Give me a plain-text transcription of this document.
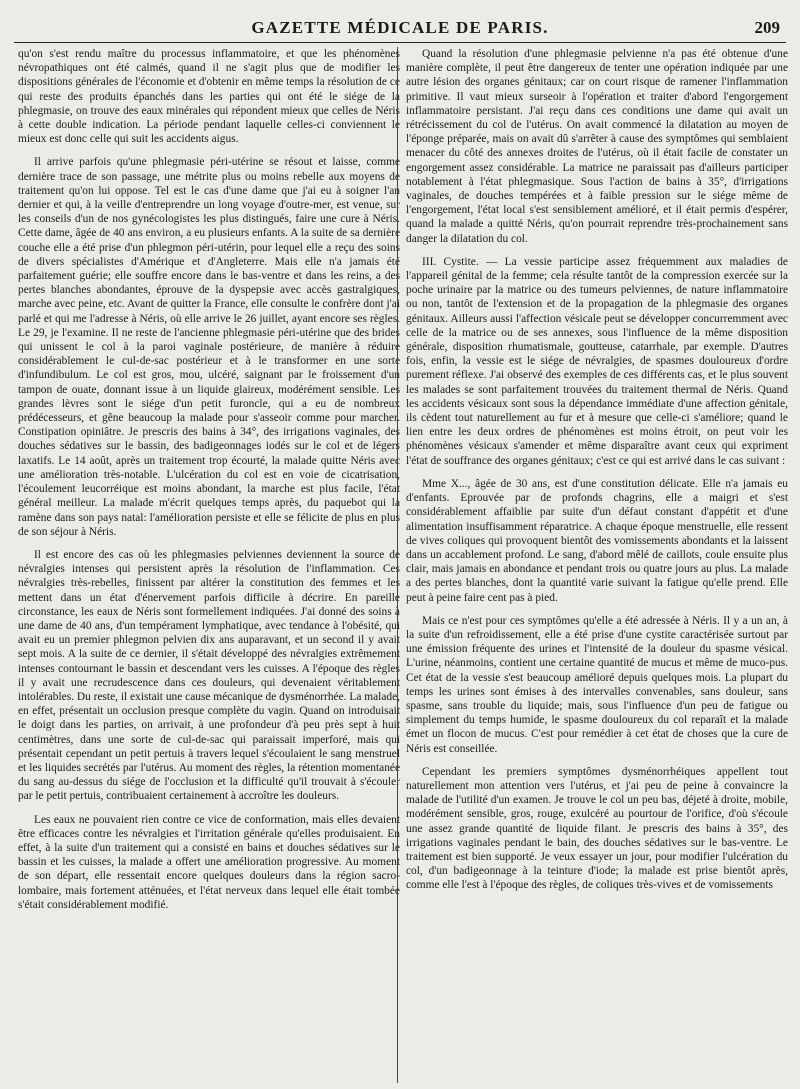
GAZETTE MÉDICALE DE PARIS.	209

qu'on s'est rendu maître du processus inflammatoire, et que les phénomènes névropathiques ont été calmés, quand il ne s'agit plus que de modifier les dispositions générales de l'économie et d'obtenir en même temps la résolution de ce qui reste des produits épanchés dans les parties qui ont été le siége de la phlegmasie, on trouve des eaux minérales qui répondent mieux que celles de Néris à cette double indication. La période pendant laquelle celles-ci conviennent le mieux est donc celle qui suit les accidents aigus.

Il arrive parfois qu'une phlegmasie péri-utérine se résout et laisse, comme dernière trace de son passage, une métrite plus ou moins rebelle aux moyens de traitement qu'on lui oppose. Tel est le cas d'une dame que j'ai eu à soigner l'an dernier et qui, à la veille d'entreprendre un long voyage d'outre-mer, est venue, sur les conseils d'un de nos gynécologistes les plus distingués, faire une cure à Néris. Cette dame, âgée de 40 ans environ, a eu plusieurs enfants. A la suite de sa dernière couche elle a été prise d'un phlegmon péri-utérin, pour lequel elle a reçu des soins de divers spécialistes d'Amérique et d'Angleterre. Mais elle n'a jamais été parfaitement guérie; elle souffre encore dans le bas-ventre et dans les reins, a des pertes blanches abondantes, éprouve de la dyspepsie avec accès gastralgiques, marche avec peine, etc. Avant de quitter la France, elle consulte le confrère dont j'ai parlé et qui me l'adresse à Néris, où elle arrive le 26 juillet, ayant encore ses règles. Le 29, je l'examine. Il ne reste de l'ancienne phlegmasie péri-utérine que des brides qui unissent le col à la paroi vaginale postérieure, de manière à réduire considérablement le cul-de-sac postérieur et à le transformer en une sorte d'infundibulum. Le col est gros, mou, ulcéré, saignant par le froissement d'un tampon de ouate, donnant issue à un liquide glaireux, modérément sensible. Les grandes lèvres sont le siége d'un petit furoncle, qui a eu de nombreux prédécesseurs, et gêne beaucoup la malade pour s'asseoir comme pour marcher. Constipation opiniâtre. Je prescris des bains à 34°, des irrigations vaginales, des douches sédatives sur le bassin, des badigeonnages iodés sur le col et de légers laxatifs. Le 14 août, après un traitement trop écourté, la malade quitte Néris avec une amélioration très-notable. L'ulcération du col est en voie de cicatrisation, l'écoulement leucorréique est moins abondant, la marche est plus facile, l'état général meilleur. La malade m'écrit quelques temps après, du paquebot qui la ramène dans son pays natal: l'amélioration persiste et elle se félicite de plus en plus de son séjour à Néris.

Il est encore des cas où les phlegmasies pelviennes deviennent la source de névralgies intenses qui persistent après la résolution de l'inflammation. Ces névralgies très-rebelles, finissent par altérer la constitution des femmes et les mettent dans un état d'énervement parfois difficile à décrire. En pareille circonstance, les eaux de Néris sont formellement indiquées. J'ai donné des soins à une dame de 40 ans, d'un tempérament lymphatique, avec tendance à l'obésité, qui avait eu un premier phlegmon pelvien dix ans auparavant, et un second il y avait sept mois. A la suite de ce dernier, il s'était développé des névralgies extrêmement intenses contournant le bassin et descendant vers les cuisses. A l'époque des règles il y avait une recrudescence dans ces douleurs, qui devenaient véritablement intolérables. Du reste, il existait une cause mécanique de dysménorrhée. La malade, en effet, présentait un occlusion presque complète du vagin. Quand on introduisait le doigt dans les parties, on arrivait, à une profondeur d'à peu près sept à huit centimètres, dans une sorte de cul-de-sac qui paraissait imperforé, mais qui présentait cependant un petit pertuis à travers lequel s'écoulaient le sang menstruel et les liquides secrétés par l'utérus. Au moment des règles, la rétention momentanée du sang au-dessus du siége de l'occlusion et la difficulté qu'il trouvait à s'écouler par le petit pertuis, contribuaient certainement à accroître les douleurs.

Les eaux ne pouvaient rien contre ce vice de conformation, mais elles devaient être efficaces contre les névralgies et l'irritation générale qu'elles produisaient. En effet, à la suite d'un traitement qui a consisté en bains et douches sédatives sur le bassin et les cuisses, la malade a offert une amélioration progressive. Au moment de son départ, elle ressentait encore quelques douleurs dans la région sacro-lombaire, mais fortement atténuées, et l'état nerveux dans lequel elle était tombée s'était considérablement modifié.

Quand la résolution d'une phlegmasie pelvienne n'a pas été obtenue d'une manière complète, il peut être dangereux de tenter une opération indiquée par une autre lésion des organes génitaux; car on court risque de ramener l'inflammation primitive. Il vaut mieux surseoir à l'opération et traiter d'abord l'engorgement inflammatoire persistant. J'ai reçu dans ces conditions une dame qui avait un rétrécissement du col de l'utérus. On avait commencé la dilatation au moyen de l'éponge préparée, mais on avait dû s'arrêter à cause des symptômes qui semblaient menacer du côté des annexes droites de l'utérus, où il était facile de constater un engorgement assez considérable. La matrice ne paraissait pas d'ailleurs participer notablement à l'état phlegmasique. Sous l'action de bains à 35°, d'irrigations vaginales, de douches tempérées et à faible pression sur le siége même de l'engorgement, l'état local s'est sensiblement amélioré, et il était permis d'espérer, quand la malade a quitté Néris, qu'on pourrait reprendre très-prochainement sans danger la dilatation du col.

III. Cystite. — La vessie participe assez fréquemment aux maladies de l'appareil génital de la femme; cela résulte tantôt de la compression exercée sur la poche urinaire par la matrice ou des tumeurs pelviennes, de nature inflammatoire ou non, tantôt de l'extension et de la propagation de la phlegmasie des organes génitaux. Ailleurs aussi l'affection vésicale peut se développer concurremment avec celle de la matrice ou de ses annexes, sous l'influence de la même disposition générale, disposition rhumatismale, goutteuse, catarrhale, par exemple. D'autres fois, enfin, la vessie est le siége de névralgies, de spasmes douloureux d'ordre purement réflexe. J'ai observé des exemples de ces différents cas, et le plus souvent les malades se sont parfaitement trouvées du traitement thermal de Néris. Quand les accidents vésicaux sont sous la dépendance immédiate d'une affection génitale, ils cèdent tout naturellement au fur et à mesure que celle-ci s'améliore; quand le lien entre les deux ordres de phénomènes est moins étroit, on peut voir les phénomènes vésicaux s'amender et même disparaître avant ceux qui expriment l'état de souffrance des organes génitaux; c'est ce qui est arrivé dans le cas suivant :

Mme X..., âgée de 30 ans, est d'une constitution délicate. Elle n'a jamais eu d'enfants. Eprouvée par de profonds chagrins, elle a maigri et s'est considérablement affaiblie par suite d'un défaut constant d'appétit et d'une alimentation insuffisamment réparatrice. A chaque époque menstruelle, elle ressent de vives coliques qui provoquent bientôt des vomissements abondants et la laissent dans un accablement profond. Le sang, d'abord mêlé de caillots, coule ensuite plus clair, mais jamais en abondance et pendant trois ou quatre jours au plus. La malade a des pertes blanches, dont la quantité varie suivant la fatigue qu'elle prend. Elle peut à peine faire cent pas à pied.

Mais ce n'est pour ces symptômes qu'elle a été adressée à Néris. Il y a un an, à la suite d'un refroidissement, elle a été prise d'une cystite caractérisée surtout par une émission fréquente des urines et l'intensité de la douleur du spasme vésical. L'urine, néanmoins, contient une certaine quantité de mucus et même de muco-pus. Cet état de la vessie s'est beaucoup amélioré depuis quelques mois. La plupart du temps les urines sont émises à des intervalles convenables, sans douleur, sans spasme, sans trouble du liquide; mais, sous l'influence d'un peu de fatigue ou simplement du temps humide, le spasme douloureux du col reparaît et la malade émet un flocon de mucus. C'est pour remédier à cet état de choses que la cure de Néris est conseillée.

Cependant les premiers symptômes dysménorrhéiques appellent tout naturellement mon attention vers l'utérus, et j'ai peu de peine à convaincre la malade de l'utilité d'un examen. Je trouve le col un peu bas, déjeté à droite, mobile, modérément sensible, gros, rouge, exulcéré au pourtour de l'orifice, d'où s'écoule une assez grande quantité de liquide filant. Je prescris des bains à 35°, des irrigations vaginales pendant le bain, des douches sédatives sur le bas-ventre. Le traitement est bien supporté. Je veux essayer un jour, pour modifier l'ulcération du col, d'un badigeonnage à la teinture d'iode; la malade est prise bientôt après, comme elle l'est à l'époque des règles, de coliques très-vives et de vomissements
